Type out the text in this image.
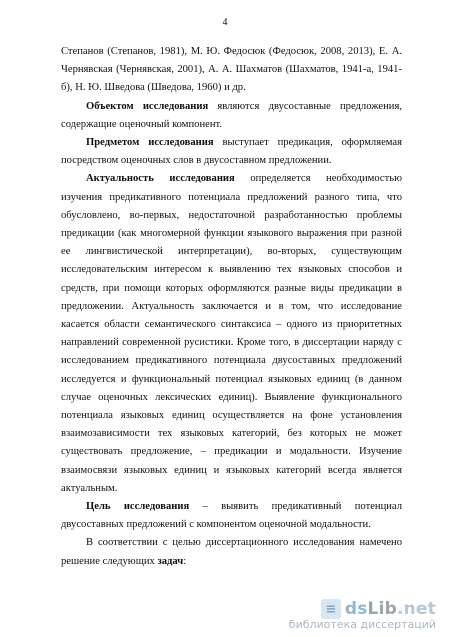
4

Степанов (Степанов, 1981), М. Ю. Федосюк (Федосюк, 2008, 2013), Е. А. Чернявская (Чернявская, 2001), А. А. Шахматов (Шахматов, 1941-а, 1941-б), Н. Ю. Шведова (Шведова, 1960) и др.

Объектом исследования являются двусоставные предложения, содержащие оценочный компонент.

Предметом исследования выступает предикация, оформляемая посредством оценочных слов в двусоставном предложении.

Актуальность исследования определяется необходимостью изучения предикативного потенциала предложений разного типа, что обусловлено, во-первых, недостаточной разработанностью проблемы предикации (как многомерной функции языкового выражения при разной ее лингвистической интерпретации), во-вторых, существующим исследовательским интересом к выявлению тех языковых способов и средств, при помощи которых оформляются разные виды предикации в предложении. Актуальность заключается и в том, что исследование касается области семантического синтаксиса – одного из приоритетных направлений современной русистики. Кроме того, в диссертации наряду с исследованием предикативного потенциала двусоставных предложений исследуется и функциональный потенциал языковых единиц (в данном случае оценочных лексических единиц). Выявление функционального потенциала языковых единиц осуществляется на фоне установления взаимозависимости тех языковых категорий, без которых не может существовать предложение, – предикации и модальности. Изучение взаимосвязи языковых единиц и языковых категорий всегда является актуальным.

Цель исследования – выявить предикативный потенциал двусоставных предложений с компонентом оценочной модальности.

В соответствии с целью диссертационного исследования намечено решение следующих задач:

≡ dsLib.net
библиотека диссертаций
